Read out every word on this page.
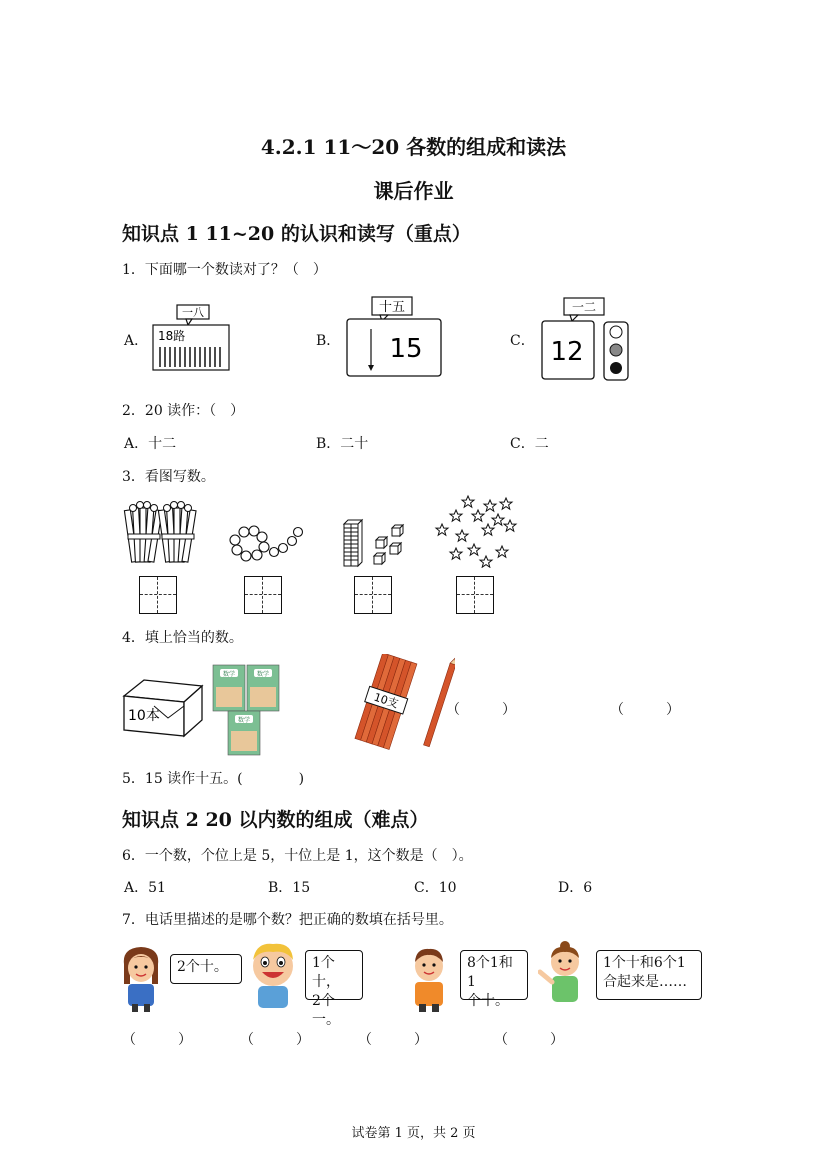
4.2.1 11～20 各数的组成和读法
课后作业
知识点 1 11~20 的认识和读写（重点）
1．下面哪一个数读对了？（　）
A．
一八
18路	B．
十五
15	C．
一二
12
2．20 读作：（　）
A．十二	B．二十	C．二
3．看图写数。
4．填上恰当的数。
10本
数学	数学
数学
10支	（　　　）	（　　　）
5．15 读作十五。(　　　　)
知识点 2 20 以内数的组成（难点）
6．一个数，个位上是 5，十位上是 1，这个数是（　）。
A．51	B．15	C．10	D．6
7．电话里描述的是哪个数？把正确的数填在括号里。
2个十。	1个十，
2个一。
8个1和1
个十。
1个十和6个1
合起来是……
（　　　）	（　　　）	（　　　）	（　　　）
试卷第 1 页，共 2 页
